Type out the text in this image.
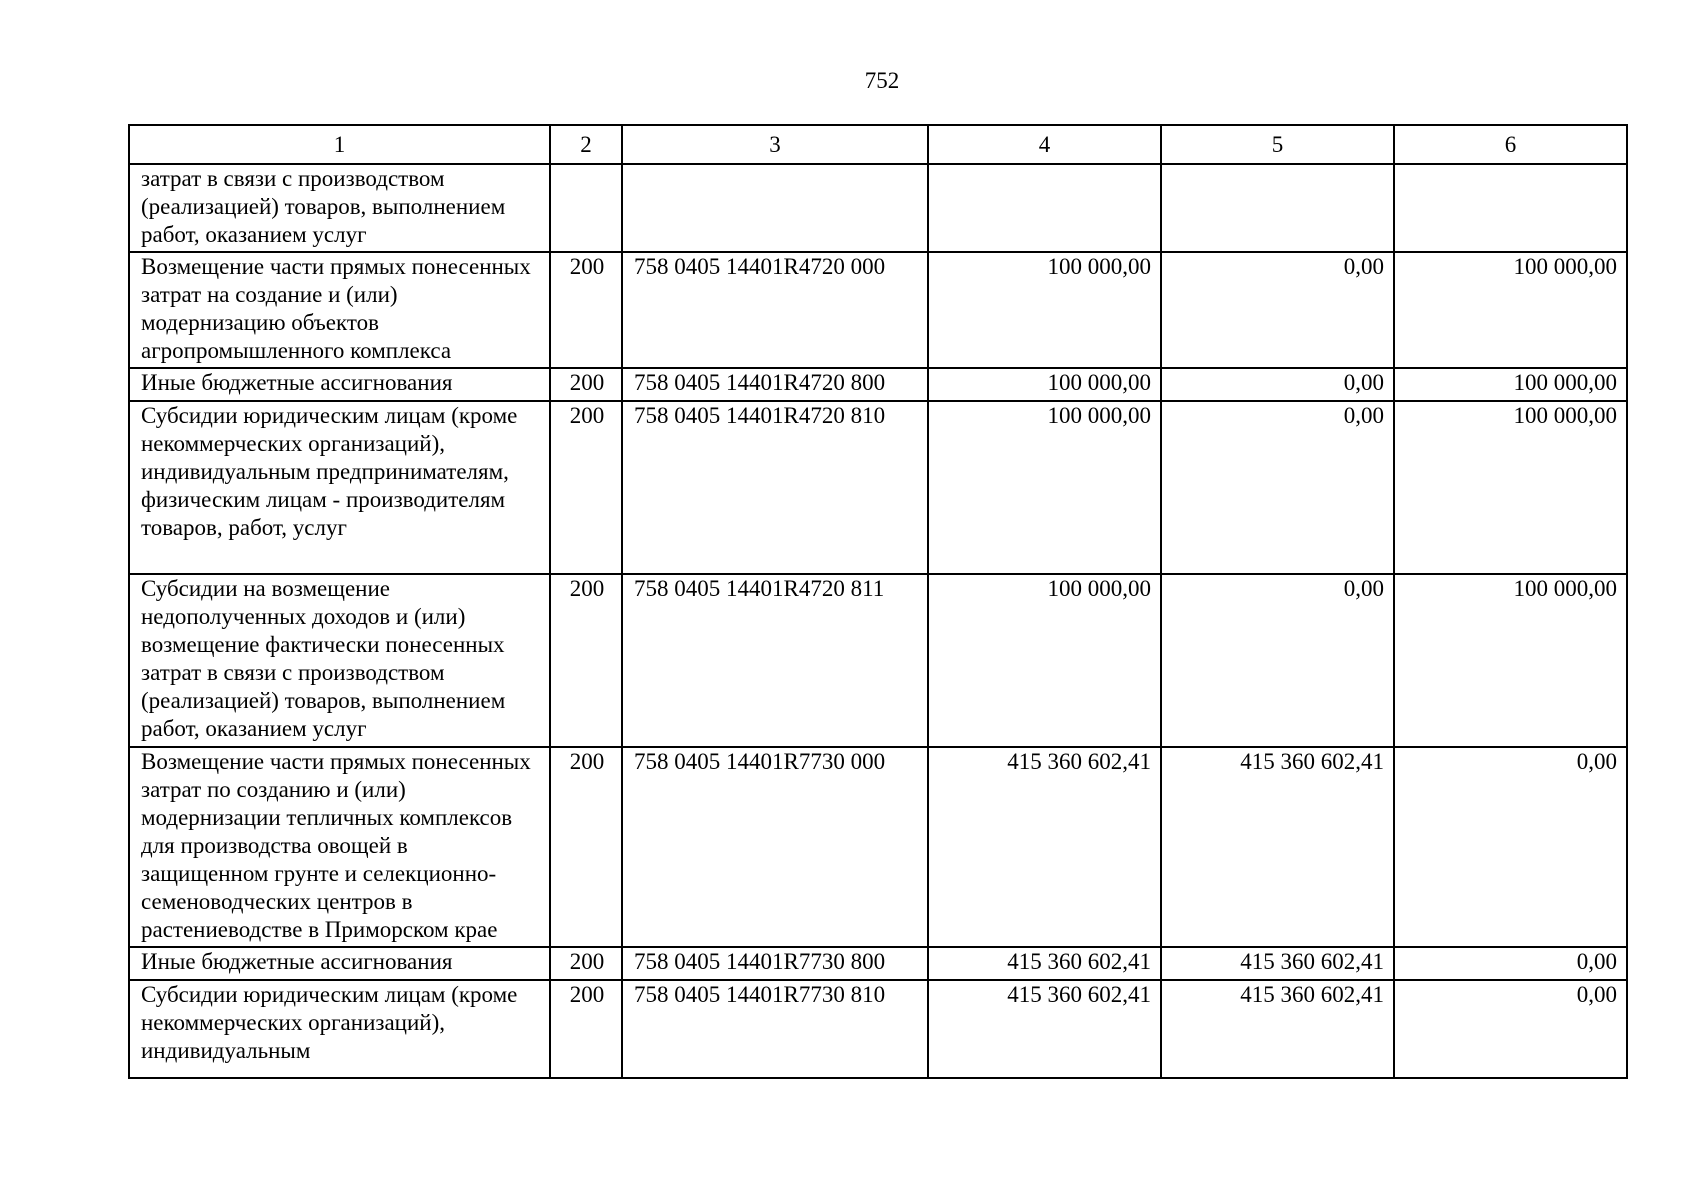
752
1	2	3	4	5	6
затрат в связи с производством (реализацией) товаров, выполнением работ, оказанием услуг					
Возмещение части прямых понесенных затрат на создание и (или) модернизацию объектов агропромышленного комплекса	200	758 0405 14401R4720 000	100 000,00	0,00	100 000,00
Иные бюджетные ассигнования	200	758 0405 14401R4720 800	100 000,00	0,00	100 000,00
Субсидии юридическим лицам (кроме некоммерческих организаций), индивидуальным предпринимателям, физическим лицам - производителям товаров, работ, услуг	200	758 0405 14401R4720 810	100 000,00	0,00	100 000,00
Субсидии на возмещение недополученных доходов и (или) возмещение фактически понесенных затрат в связи с производством (реализацией) товаров, выполнением работ, оказанием услуг	200	758 0405 14401R4720 811	100 000,00	0,00	100 000,00
Возмещение части прямых понесенных затрат по созданию и (или) модернизации тепличных комплексов для производства овощей в защищенном грунте и селекционно-семеноводческих центров в растениеводстве в Приморском крае	200	758 0405 14401R7730 000	415 360 602,41	415 360 602,41	0,00
Иные бюджетные ассигнования	200	758 0405 14401R7730 800	415 360 602,41	415 360 602,41	0,00
Субсидии юридическим лицам (кроме некоммерческих организаций), индивидуальным	200	758 0405 14401R7730 810	415 360 602,41	415 360 602,41	0,00
